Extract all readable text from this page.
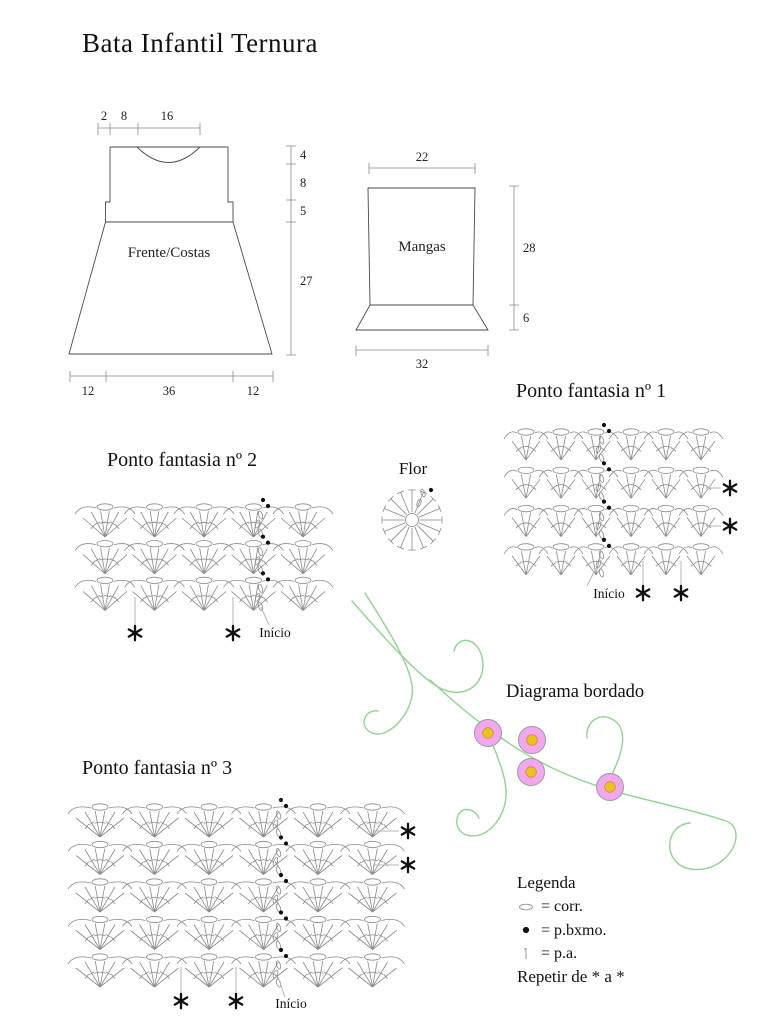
Bata Infantil Ternura
2 8	16
4
8
5
27
12	36	12
Frente/Costas
22
28
6
32
Mangas
Ponto fantasia nº 1
Ponto fantasia nº 2
Ponto fantasia nº 3
Início
Início
Início
Flor
Diagrama bordado

Legenda

= corr.
= p.bxmo.
= p.a.

Repetir de * a *
